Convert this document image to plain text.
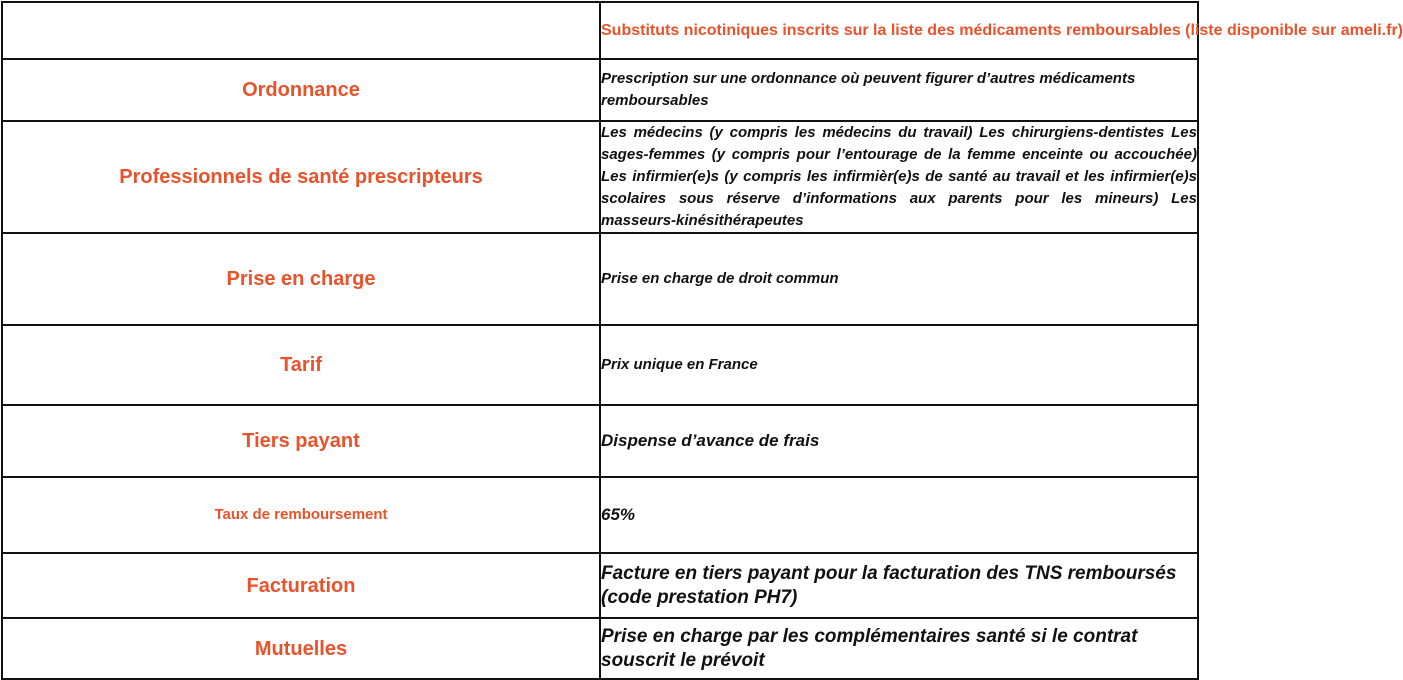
	Substituts nicotiniques inscrits sur la liste des médicaments remboursables (liste disponible sur ameli.fr)
Ordonnance	Prescription sur une ordonnance où peuvent figurer d’autres médicaments remboursables
Professionnels de santé prescripteurs	Les médecins (y compris les médecins du travail) Les chirurgiens-dentistes Les sages-femmes (y compris pour l’entourage de la femme enceinte ou accouchée) Les infirmier(e)s (y compris les infirmièr(e)s de santé au travail et les infirmier(e)s scolaires sous réserve d’informations aux parents pour les mineurs) Les masseurs-kinésithérapeutes
Prise en charge	Prise en charge de droit commun
Tarif	Prix unique en France
Tiers payant	Dispense d’avance de frais
Taux de remboursement	65%
Facturation	Facture en tiers payant pour la facturation des TNS remboursés (code prestation PH7)
Mutuelles	Prise en charge par les complémentaires santé si le contrat souscrit le prévoit
